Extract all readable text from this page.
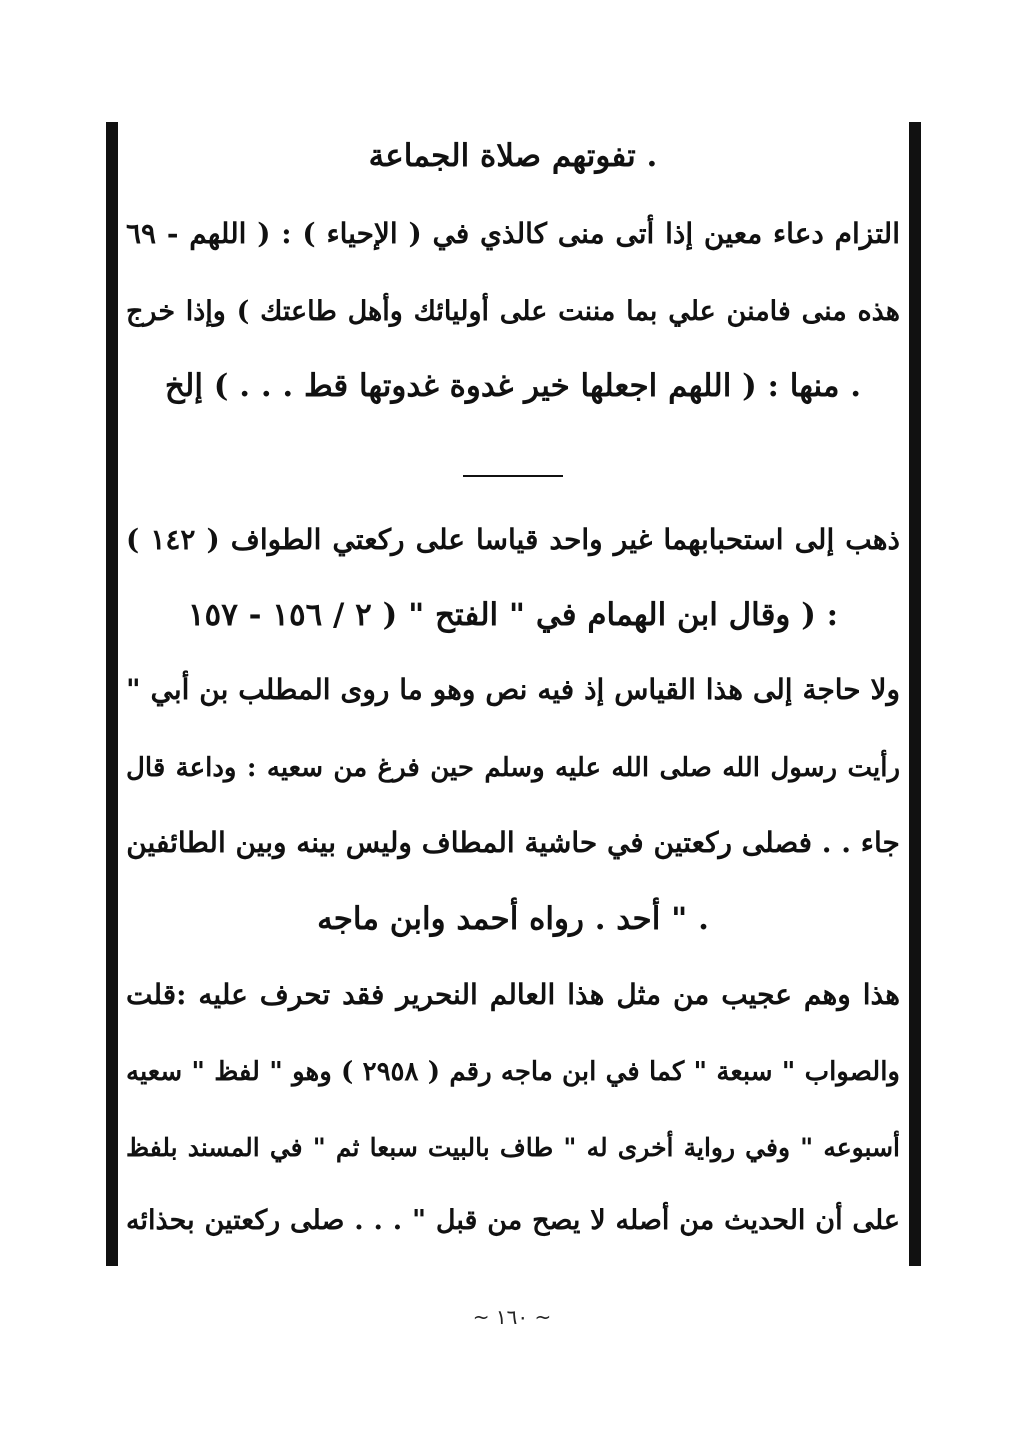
. تفوتهم صلاة الجماعة
التزام دعاء معين إذا أتى منى كالذي في ( الإحياء ) : ( اللهم - ٦٩
هذه منى فامنن علي بما مننت على أوليائك وأهل طاعتك ) وإذا خرج
. منها : ( اللهم اجعلها خير غدوة غدوتها قط . . . ) إلخ
ذهب إلى استحبابهما غير واحد قياسا على ركعتي الطواف ( ١٤٢ )
: ( وقال ابن الهمام في " الفتح " ( ٢ / ١٥٦ - ١٥٧
ولا حاجة إلى هذا القياس إذ فيه نص وهو ما روى المطلب بن أبي "
رأيت رسول الله صلى الله عليه وسلم حين فرغ من سعيه : وداعة قال
جاء . . فصلى ركعتين في حاشية المطاف وليس بينه وبين الطائفين
. " أحد . رواه أحمد وابن ماجه
هذا وهم عجيب من مثل هذا العالم النحرير فقد تحرف عليه :قلت
والصواب " سبعة " كما في ابن ماجه رقم ( ٢٩٥٨ ) وهو " لفظ " سعيه
أسبوعه " وفي رواية أخرى له " طاف بالبيت سبعا ثم " في المسند بلفظ
على أن الحديث من أصله لا يصح من قبل " . . . صلى ركعتين بحذائه
~ ١٦٠ ~
